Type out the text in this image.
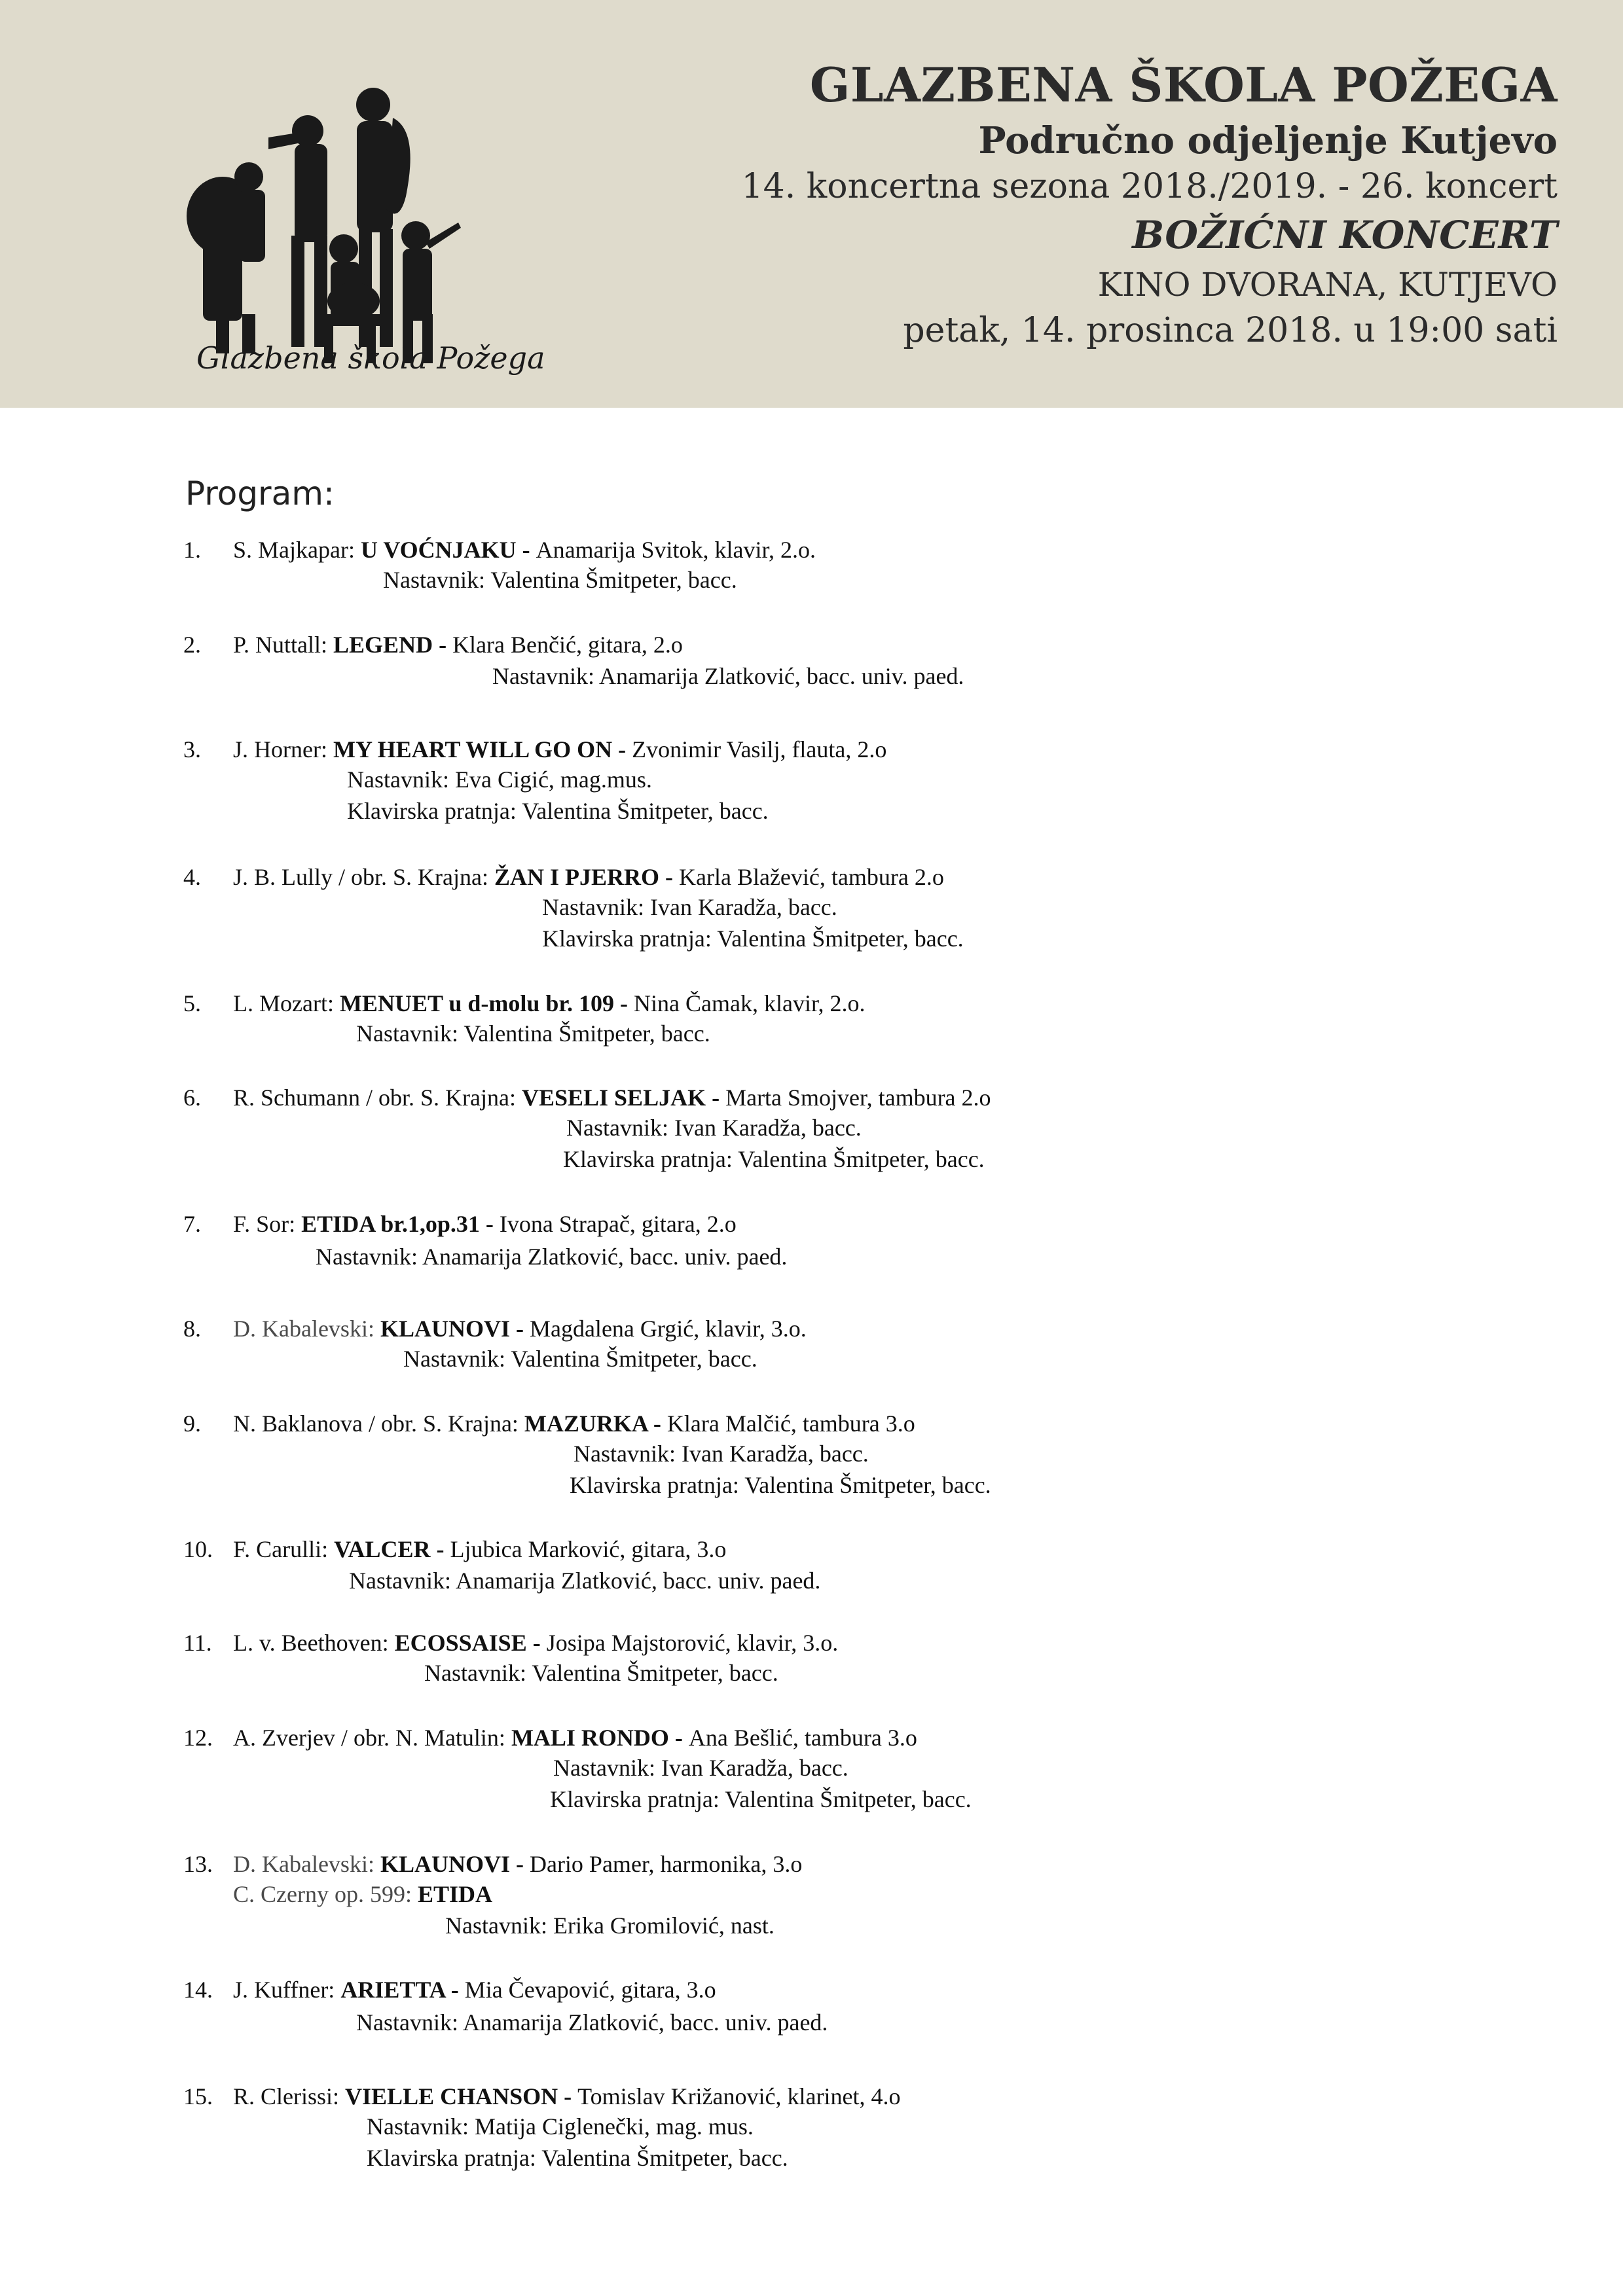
GLAZBENA ŠKOLA POŽEGA

Područno odjeljenje Kutjevo

14. koncertna sezona 2018./2019. - 26. koncert

BOŽIĆNI KONCERT

KINO DVORANA, KUTJEVO

petak, 14. prosinca 2018. u 19:00 sati

Program:
1.	S. Majkapar: U VOĆNJAKU - Anamarija Svitok, klavir, 2.o.
Nastavnik: Valentina Šmitpeter, bacc.
2.	P. Nuttall: LEGEND - Klara Benčić, gitara, 2.o
Nastavnik: Anamarija Zlatković, bacc. univ. paed.
3.	J. Horner: MY HEART WILL GO ON - Zvonimir Vasilj, flauta, 2.o
Nastavnik: Eva Cigić, mag.mus.
Klavirska pratnja: Valentina Šmitpeter, bacc.
4.	J. B. Lully / obr. S. Krajna: ŽAN I PJERRO - Karla Blažević, tambura 2.o
Nastavnik: Ivan Karadža, bacc.
Klavirska pratnja: Valentina Šmitpeter, bacc.
5.	L. Mozart: MENUET u d-molu br. 109 - Nina Čamak, klavir, 2.o.
Nastavnik: Valentina Šmitpeter, bacc.
6.	R. Schumann / obr. S. Krajna: VESELI SELJAK - Marta Smojver, tambura 2.o
Nastavnik: Ivan Karadža, bacc.
Klavirska pratnja: Valentina Šmitpeter, bacc.
7.	F. Sor: ETIDA br.1,op.31 - Ivona Strapač, gitara, 2.o
Nastavnik: Anamarija Zlatković, bacc. univ. paed.
8.	D. Kabalevski: KLAUNOVI - Magdalena Grgić, klavir, 3.o.
Nastavnik: Valentina Šmitpeter, bacc.
9.	N. Baklanova / obr. S. Krajna: MAZURKA - Klara Malčić, tambura 3.o
Nastavnik: Ivan Karadža, bacc.
Klavirska pratnja: Valentina Šmitpeter, bacc.
10. F. Carulli: VALCER - Ljubica Marković, gitara, 3.o
Nastavnik: Anamarija Zlatković, bacc. univ. paed.
11. L. v. Beethoven: ECOSSAISE - Josipa Majstorović, klavir, 3.o.
Nastavnik: Valentina Šmitpeter, bacc.
12. A. Zverjev / obr. N. Matulin: MALI RONDO - Ana Bešlić, tambura 3.o
Nastavnik: Ivan Karadža, bacc.
Klavirska pratnja: Valentina Šmitpeter, bacc.
13. D. Kabalevski: KLAUNOVI - Dario Pamer, harmonika, 3.o
C. Czerny op. 599: ETIDA
Nastavnik: Erika Gromilović, nast.
14. J. Kuffner: ARIETTA - Mia Čevapović, gitara, 3.o
Nastavnik: Anamarija Zlatković, bacc. univ. paed.
15. R. Clerissi: VIELLE CHANSON - Tomislav Križanović, klarinet, 4.o
Nastavnik: Matija Ciglenečki, mag. mus.
Klavirska pratnja: Valentina Šmitpeter, bacc.
Glazbena škola Požega
